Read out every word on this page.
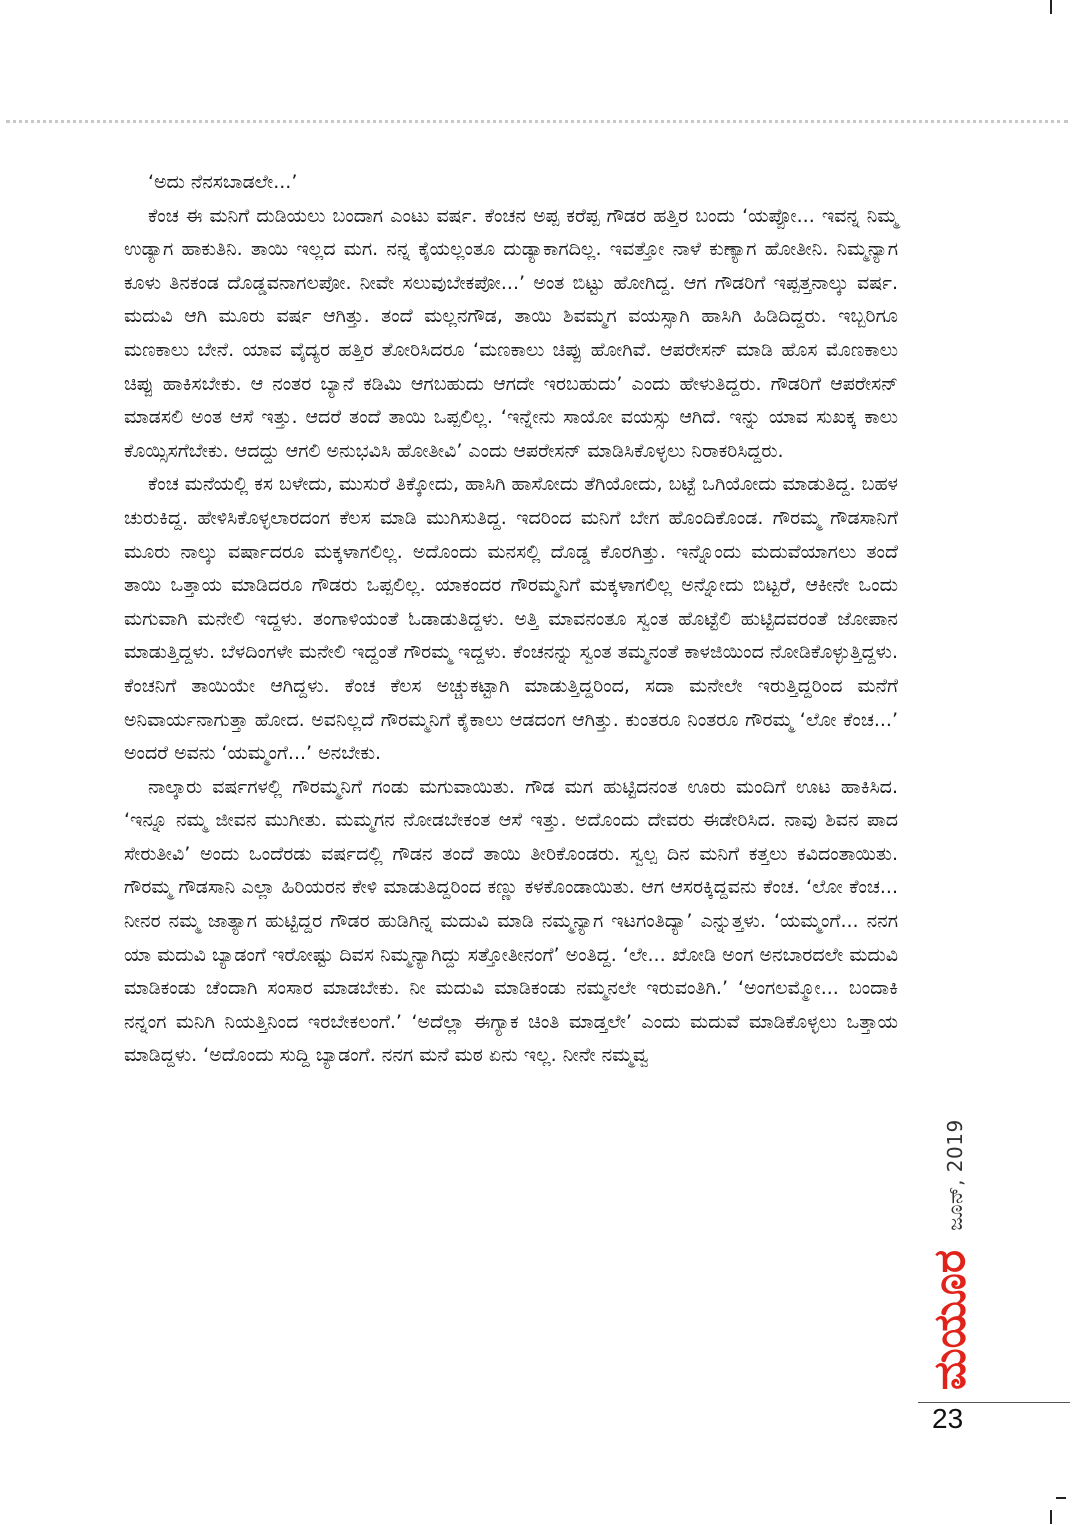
‘ಅದು ನೆನಸಬಾಡಲೇ...’

ಕೆಂಚ ಈ ಮನಿಗೆ ದುಡಿಯಲು ಬಂದಾಗ ಎಂಟು ವರ್ಷ. ಕೆಂಚನ ಅಪ್ಪ ಕರೆಪ್ಪ ಗೌಡರ ಹತ್ತಿರ ಬಂದು ‘ಯಪ್ಪೋ... ಇವನ್ನ ನಿಮ್ಮ ಉಡ್ಯಾಗ ಹಾಕುತಿನಿ. ತಾಯಿ ಇಲ್ಲದ ಮಗ. ನನ್ನ ಕೈಯಲ್ಲಂತೂ ದುಡ್ಯಾಕಾಗದಿಲ್ಲ. ಇವತ್ತೋ ನಾಳೆ ಕುಣ್ಯಾಗ ಹೋತೀನಿ. ನಿಮ್ಮನ್ಯಾಗ ಕೂಳು ತಿನಕಂಡ ದೊಡ್ಡವನಾಗಲಪೋ. ನೀವೇ ಸಲುವುಬೇಕಪೋ...’ ಅಂತ ಬಿಟ್ಟು ಹೋಗಿದ್ದ. ಆಗ ಗೌಡರಿಗೆ ಇಪ್ಪತ್ತನಾಲ್ಕು ವರ್ಷ. ಮದುವಿ ಆಗಿ ಮೂರು ವರ್ಷ ಆಗಿತ್ತು. ತಂದೆ ಮಲ್ಲನಗೌಡ, ತಾಯಿ ಶಿವಮ್ಮಗ ವಯಸ್ಸಾಗಿ ಹಾಸಿಗಿ ಹಿಡಿದಿದ್ದರು. ಇಬ್ಬರಿಗೂ ಮಣಕಾಲು ಬೇನೆ. ಯಾವ ವೈದ್ಯರ ಹತ್ತಿರ ತೋರಿಸಿದರೂ ‘ಮಣಕಾಲು ಚಿಪ್ಪು ಹೋಗಿವೆ. ಆಪರೇಸನ್ ಮಾಡಿ ಹೊಸ ಮೊಣಕಾಲು ಚಿಪ್ಪು ಹಾಕಿಸಬೇಕು. ಆ ನಂತರ ಬ್ಯಾನೆ ಕಡಿಮಿ ಆಗಬಹುದು ಆಗದೇ ಇರಬಹುದು’ ಎಂದು ಹೇಳುತಿದ್ದರು. ಗೌಡರಿಗೆ ಆಪರೇಸನ್ ಮಾಡಸಲಿ ಅಂತ ಆಸೆ ಇತ್ತು. ಆದರೆ ತಂದೆ ತಾಯಿ ಒಪ್ಪಲಿಲ್ಲ. ‘ಇನ್ನೇನು ಸಾಯೋ ವಯಸ್ಸು ಆಗಿದೆ. ಇನ್ನು ಯಾವ ಸುಖಕ್ಕ ಕಾಲು ಕೊಯ್ಸಿಸಗೆಬೇಕು. ಆದದ್ದು ಆಗಲಿ ಅನುಭವಿಸಿ ಹೋತೀವಿ’ ಎಂದು ಆಪರೇಸನ್ ಮಾಡಿಸಿಕೊಳ್ಳಲು ನಿರಾಕರಿಸಿದ್ದರು.

ಕೆಂಚ ಮನೆಯಲ್ಲಿ ಕಸ ಬಳೇದು, ಮುಸುರೆ ತಿಕ್ಕೋದು, ಹಾಸಿಗಿ ಹಾಸೋದು ತೆಗಿಯೋದು, ಬಟ್ಟೆ ಒಗಿಯೋದು ಮಾಡುತಿದ್ದ. ಬಹಳ ಚುರುಕಿದ್ದ. ಹೇಳಿಸಿಕೊಳ್ಳಲಾರದಂಗ ಕೆಲಸ ಮಾಡಿ ಮುಗಿಸುತಿದ್ದ. ಇದರಿಂದ ಮನಿಗೆ ಬೇಗ ಹೊಂದಿಕೊಂಡ. ಗೌರಮ್ಮ ಗೌಡಸಾನಿಗೆ ಮೂರು ನಾಲ್ಕು ವರ್ಷಾದರೂ ಮಕ್ಕಳಾಗಲಿಲ್ಲ. ಅದೊಂದು ಮನಸಲ್ಲಿ ದೊಡ್ಡ ಕೊರಗಿತ್ತು. ಇನ್ನೊಂದು ಮದುವೆಯಾಗಲು ತಂದೆ ತಾಯಿ ಒತ್ತಾಯ ಮಾಡಿದರೂ ಗೌಡರು ಒಪ್ಪಲಿಲ್ಲ. ಯಾಕಂದರ ಗೌರಮ್ಮನಿಗೆ ಮಕ್ಕಳಾಗಲಿಲ್ಲ ಅನ್ನೋದು ಬಿಟ್ಟರೆ, ಆಕೀನೇ ಒಂದು ಮಗುವಾಗಿ ಮನೇಲಿ ಇದ್ದಳು. ತಂಗಾಳಿಯಂತೆ ಓಡಾಡುತಿದ್ದಳು. ಅತ್ತಿ ಮಾವನಂತೂ ಸ್ವಂತ ಹೊಟ್ಟೆಲಿ ಹುಟ್ಟಿದವರಂತೆ ಜೋಪಾನ ಮಾಡುತ್ತಿದ್ದಳು. ಬೆಳದಿಂಗಳೇ ಮನೇಲಿ ಇದ್ದಂತೆ ಗೌರಮ್ಮ ಇದ್ದಳು. ಕೆಂಚನನ್ನು ಸ್ವಂತ ತಮ್ಮನಂತೆ ಕಾಳಜಿಯಿಂದ ನೋಡಿಕೊಳ್ಳುತ್ತಿದ್ದಳು. ಕೆಂಚನಿಗೆ ತಾಯಿಯೇ ಆಗಿದ್ದಳು. ಕೆಂಚ ಕೆಲಸ ಅಚ್ಚುಕಟ್ಟಾಗಿ ಮಾಡುತ್ತಿದ್ದರಿಂದ, ಸದಾ ಮನೇಲೇ ಇರುತ್ತಿದ್ದರಿಂದ ಮನೆಗೆ ಅನಿವಾರ್ಯನಾಗುತ್ತಾ ಹೋದ. ಅವನಿಲ್ಲದೆ ಗೌರಮ್ಮನಿಗೆ ಕೈಕಾಲು ಆಡದಂಗ ಆಗಿತ್ತು. ಕುಂತರೂ ನಿಂತರೂ ಗೌರಮ್ಮ ‘ಲೋ ಕೆಂಚ...’ ಅಂದರೆ ಅವನು ‘ಯಮ್ಮಂಗೆ...’ ಅನಬೇಕು.

ನಾಲ್ಕಾರು ವರ್ಷಗಳಲ್ಲಿ ಗೌರಮ್ಮನಿಗೆ ಗಂಡು ಮಗುವಾಯಿತು. ಗೌಡ ಮಗ ಹುಟ್ಟಿದನಂತ ಊರು ಮಂದಿಗೆ ಊಟ ಹಾಕಿಸಿದ. ‘ಇನ್ನೂ ನಮ್ಮ ಜೀವನ ಮುಗೀತು. ಮಮ್ಮಗನ ನೋಡಬೇಕಂತ ಆಸೆ ಇತ್ತು. ಅದೊಂದು ದೇವರು ಈಡೇರಿಸಿದ. ನಾವು ಶಿವನ ಪಾದ ಸೇರುತೀವಿ’ ಅಂದು ಒಂದೆರಡು ವರ್ಷದಲ್ಲಿ ಗೌಡನ ತಂದೆ ತಾಯಿ ತೀರಿಕೊಂಡರು. ಸ್ವಲ್ಪ ದಿನ ಮನಿಗೆ ಕತ್ತಲು ಕವಿದಂತಾಯಿತು. ಗೌರಮ್ಮ ಗೌಡಸಾನಿ ಎಲ್ಲಾ ಹಿರಿಯರನ ಕೇಳಿ ಮಾಡುತಿದ್ದರಿಂದ ಕಣ್ಣು ಕಳಕೊಂಡಾಯಿತು. ಆಗ ಆಸರಕ್ಕಿದ್ದವನು ಕೆಂಚ. ‘ಲೋ ಕೆಂಚ... ನೀನರ ನಮ್ಮ ಜಾತ್ಯಾಗ ಹುಟ್ಟಿದ್ದರ ಗೌಡರ ಹುಡಿಗಿನ್ನ ಮದುವಿ ಮಾಡಿ ನಮ್ಮನ್ಯಾಗ ಇಟಗಂತಿದ್ಯಾ’ ಎನ್ನುತ್ತಳು. ‘ಯಮ್ಮಂಗೆ... ನನಗ ಯಾ ಮದುವಿ ಬ್ಯಾಡಂಗೆ ಇರೋಷ್ಟು ದಿವಸ ನಿಮ್ಮನ್ಯಾಗಿದ್ದು ಸತ್ತೋತೀನಂಗೆ’ ಅಂತಿದ್ದ. ‘ಲೇ... ಖೋಡಿ ಅಂಗ ಅನಬಾರದಲೇ ಮದುವಿ ಮಾಡಿಕಂಡು ಚೆಂದಾಗಿ ಸಂಸಾರ ಮಾಡಬೇಕು. ನೀ ಮದುವಿ ಮಾಡಿಕಂಡು ನಮ್ಮನಲೇ ಇರುವಂತಿಗಿ.’ ‘ಅಂಗಲಮ್ಮೋ... ಬಂದಾಕಿ ನನ್ನಂಗ ಮನಿಗಿ ನಿಯತ್ತಿನಿಂದ ಇರಬೇಕಲಂಗೆ.’ ‘ಅದೆಲ್ಲಾ ಈಗ್ಯಾಕ ಚಿಂತಿ ಮಾಡ್ತಲೇ’ ಎಂದು ಮದುವೆ ಮಾಡಿಕೊಳ್ಳಲು ಒತ್ತಾಯ ಮಾಡಿದ್ದಳು. ‘ಅದೊಂದು ಸುದ್ದಿ ಬ್ಯಾಡಂಗೆ. ನನಗ ಮನೆ ಮಠ ಏನು ಇಲ್ಲ. ನೀನೇ ನಮ್ಮವ್ವ

ಜೂನ್, 2019
ಮಯೂರ
23
